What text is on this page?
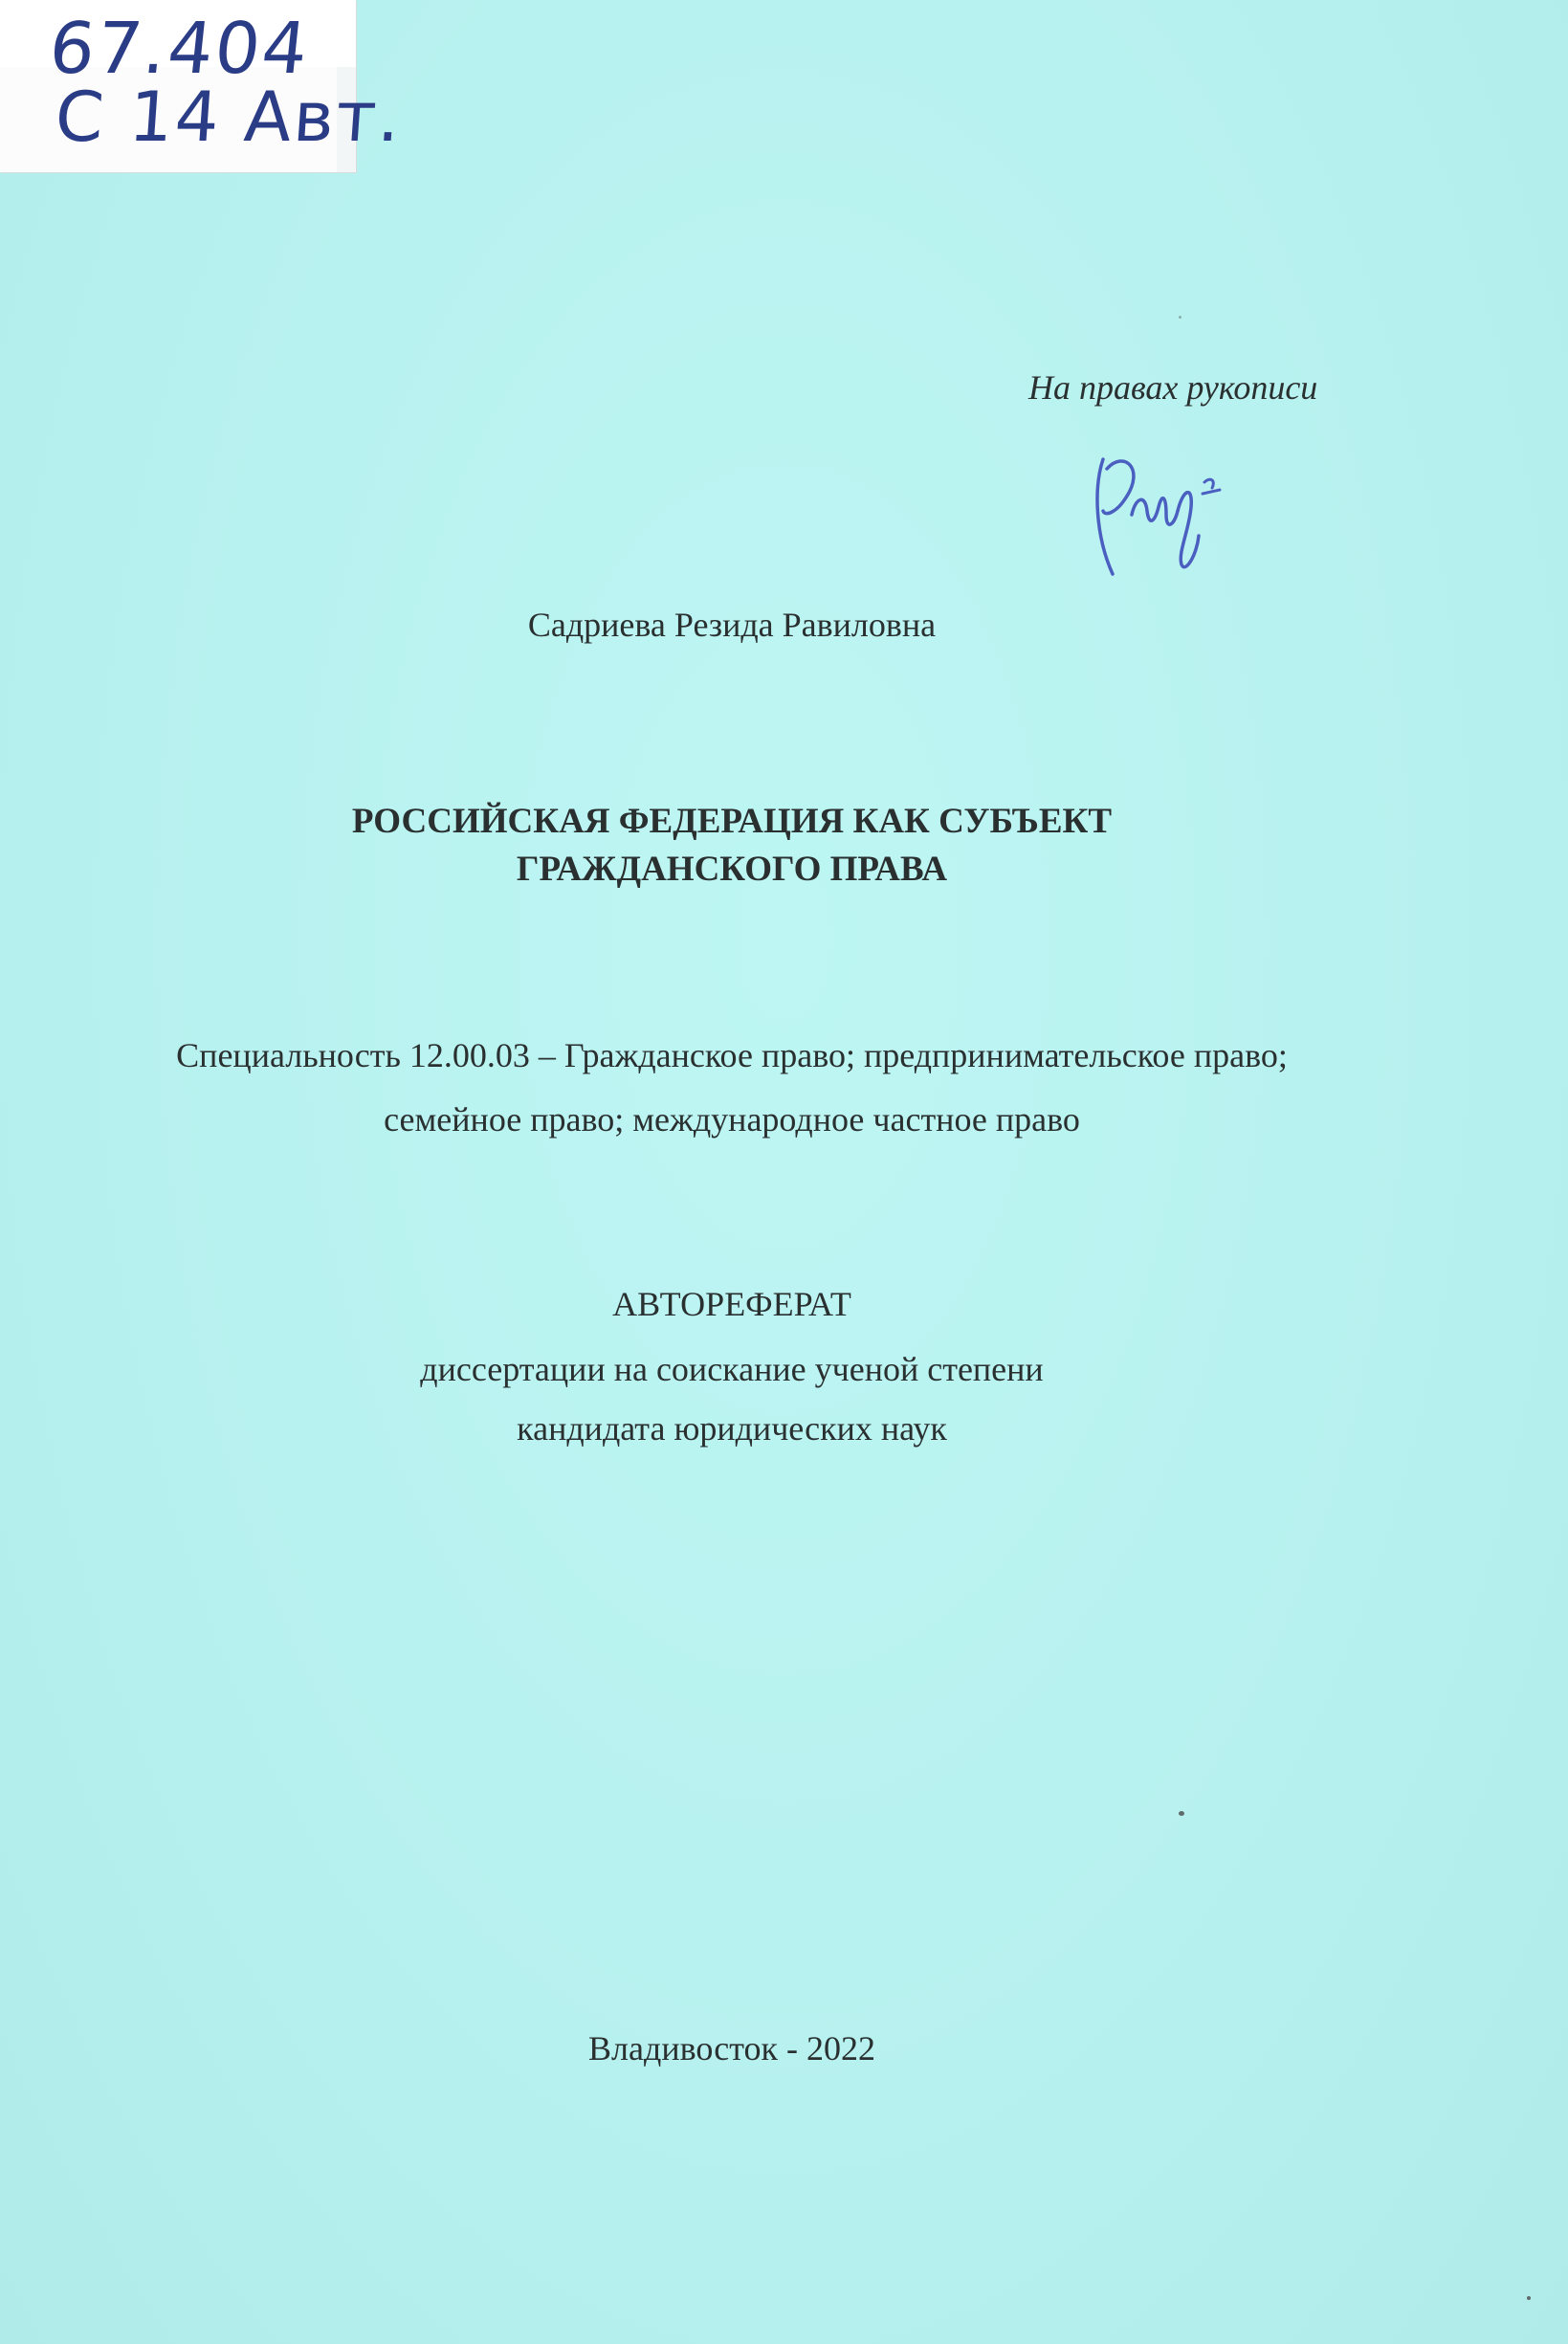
67.404
С 14 Авт.
На правах рукописи
Садриева Резида Равиловна
РОССИЙСКАЯ ФЕДЕРАЦИЯ КАК СУБЪЕКТ
ГРАЖДАНСКОГО ПРАВА
Специальность 12.00.03 – Гражданское право; предпринимательское право;
семейное право; международное частное право
АВТОРЕФЕРАТ
диссертации на соискание ученой степени
кандидата юридических наук
Владивосток - 2022
